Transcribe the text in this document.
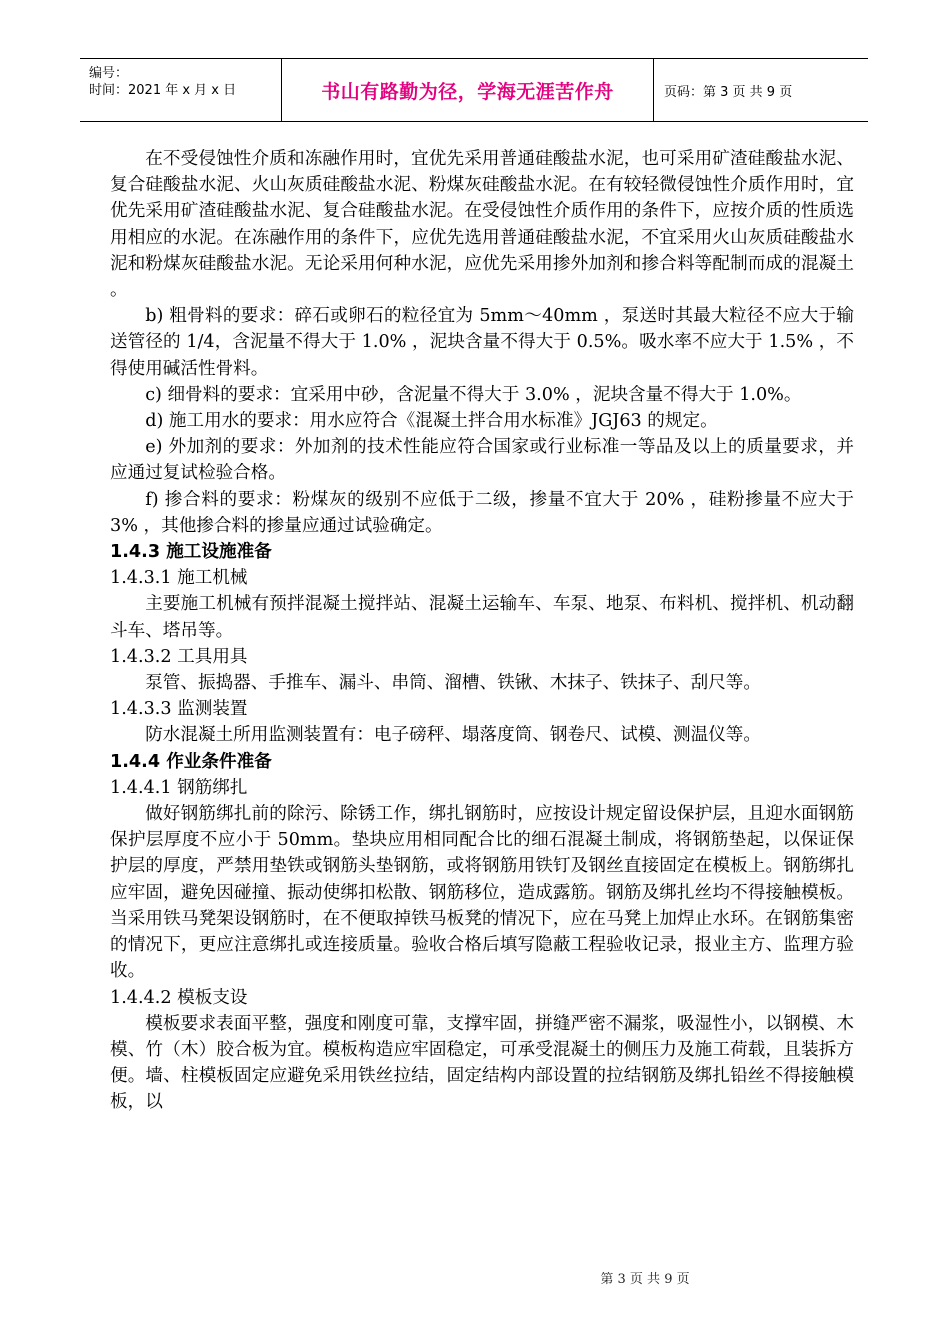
编号：
时间：2021 年 x 月 x 日	书山有路勤为径，学海无涯苦作舟	页码：第 3 页 共 9 页

在不受侵蚀性介质和冻融作用时，宜优先采用普通硅酸盐水泥，也可采用矿渣硅酸盐水泥、复合硅酸盐水泥、火山灰质硅酸盐水泥、粉煤灰硅酸盐水泥。在有较轻微侵蚀性介质作用时，宜优先采用矿渣硅酸盐水泥、复合硅酸盐水泥。在受侵蚀性介质作用的条件下，应按介质的性质选用相应的水泥。在冻融作用的条件下，应优先选用普通硅酸盐水泥，不宜采用火山灰质硅酸盐水泥和粉煤灰硅酸盐水泥。无论采用何种水泥，应优先采用掺外加剂和掺合料等配制而成的混凝土 。

b) 粗骨料的要求：碎石或卵石的粒径宜为 5mm～40mm ，泵送时其最大粒径不应大于输送管径的 1/4，含泥量不得大于 1.0% ，泥块含量不得大于 0.5%。吸水率不应大于 1.5% ，不得使用碱活性骨料。

c) 细骨料的要求：宜采用中砂，含泥量不得大于 3.0% ，泥块含量不得大于 1.0%。

d) 施工用水的要求：用水应符合《混凝土拌合用水标准》JGJ63 的规定。

e) 外加剂的要求：外加剂的技术性能应符合国家或行业标准一等品及以上的质量要求，并应通过复试检验合格。

f) 掺合料的要求：粉煤灰的级别不应低于二级，掺量不宜大于 20% ，硅粉掺量不应大于 3% ，其他掺合料的掺量应通过试验确定。

1.4.3 施工设施准备

1.4.3.1 施工机械

主要施工机械有预拌混凝土搅拌站、混凝土运输车、车泵、地泵、布料机、搅拌机、机动翻斗车、塔吊等。

1.4.3.2 工具用具

泵管、振捣器、手推车、漏斗、串筒、溜槽、铁锹、木抹子、铁抹子、刮尺等。

1.4.3.3 监测装置

防水混凝土所用监测装置有：电子磅秤、塌落度筒、钢卷尺、试模、测温仪等。

1.4.4 作业条件准备

1.4.4.1 钢筋绑扎

做好钢筋绑扎前的除污、除锈工作，绑扎钢筋时，应按设计规定留设保护层，且迎水面钢筋保护层厚度不应小于 50mm。垫块应用相同配合比的细石混凝土制成，将钢筋垫起，以保证保护层的厚度，严禁用垫铁或钢筋头垫钢筋，或将钢筋用铁钉及钢丝直接固定在模板上。钢筋绑扎应牢固，避免因碰撞、振动使绑扣松散、钢筋移位，造成露筋。钢筋及绑扎丝均不得接触模板。当采用铁马凳架设钢筋时，在不便取掉铁马板凳的情况下，应在马凳上加焊止水环。在钢筋集密的情况下，更应注意绑扎或连接质量。验收合格后填写隐蔽工程验收记录，报业主方、监理方验收。

1.4.4.2 模板支设

模板要求表面平整，强度和刚度可靠，支撑牢固，拼缝严密不漏浆，吸湿性小，以钢模、木模、竹（木）胶合板为宜。模板构造应牢固稳定，可承受混凝土的侧压力及施工荷载，且装拆方便。墙、柱模板固定应避免采用铁丝拉结，固定结构内部设置的拉结钢筋及绑扎铅丝不得接触模板，以

第 3 页 共 9 页
